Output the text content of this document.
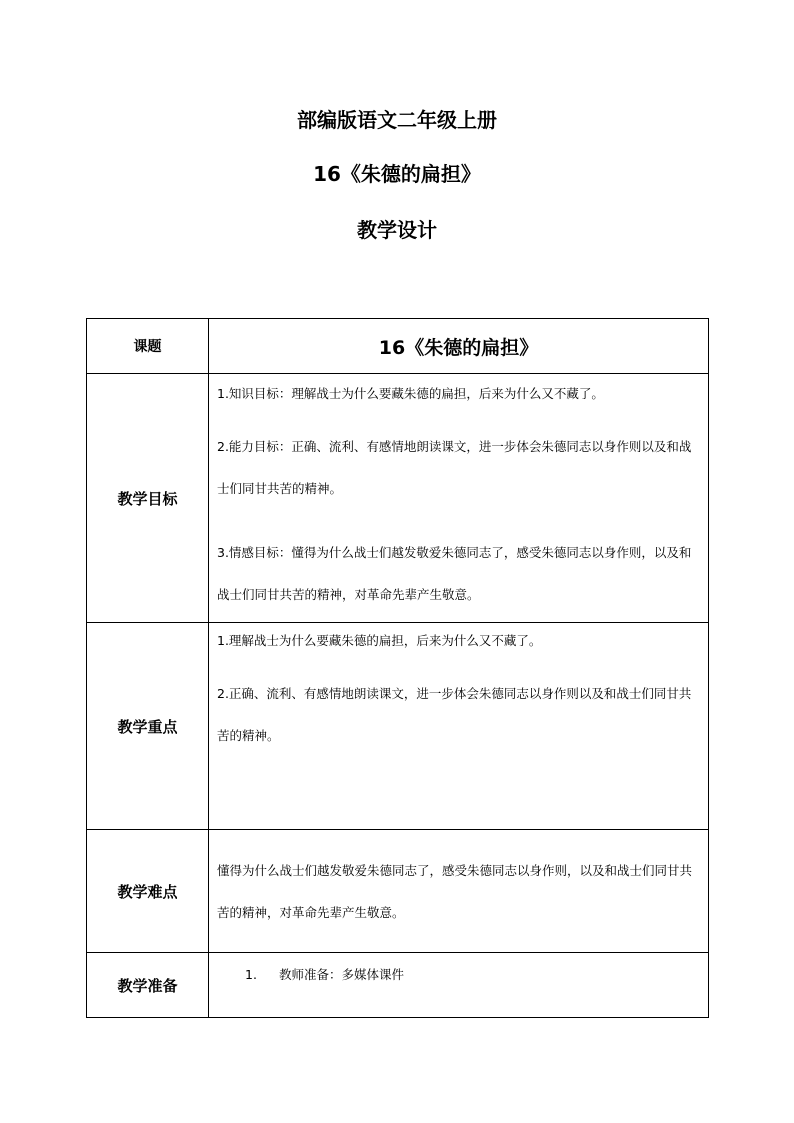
部编版语文二年级上册
16《朱德的扁担》
教学设计
课题	16《朱德的扁担》
教学目标	1.知识目标：理解战士为什么要藏朱德的扁担，后来为什么又不藏了。

2.能力目标：正确、流利、有感情地朗读课文，进一步体会朱德同志以身作则以及和战士们同甘共苦的精神。

3.情感目标：懂得为什么战士们越发敬爱朱德同志了，感受朱德同志以身作则，以及和战士们同甘共苦的精神，对革命先辈产生敬意。

教学重点	1.理解战士为什么要藏朱德的扁担，后来为什么又不藏了。

2.正确、流利、有感情地朗读课文，进一步体会朱德同志以身作则以及和战士们同甘共苦的精神。

教学难点	懂得为什么战士们越发敬爱朱德同志了，感受朱德同志以身作则，以及和战士们同甘共苦的精神，对革命先辈产生敬意。

教学准备	1. 教师准备：多媒体课件
